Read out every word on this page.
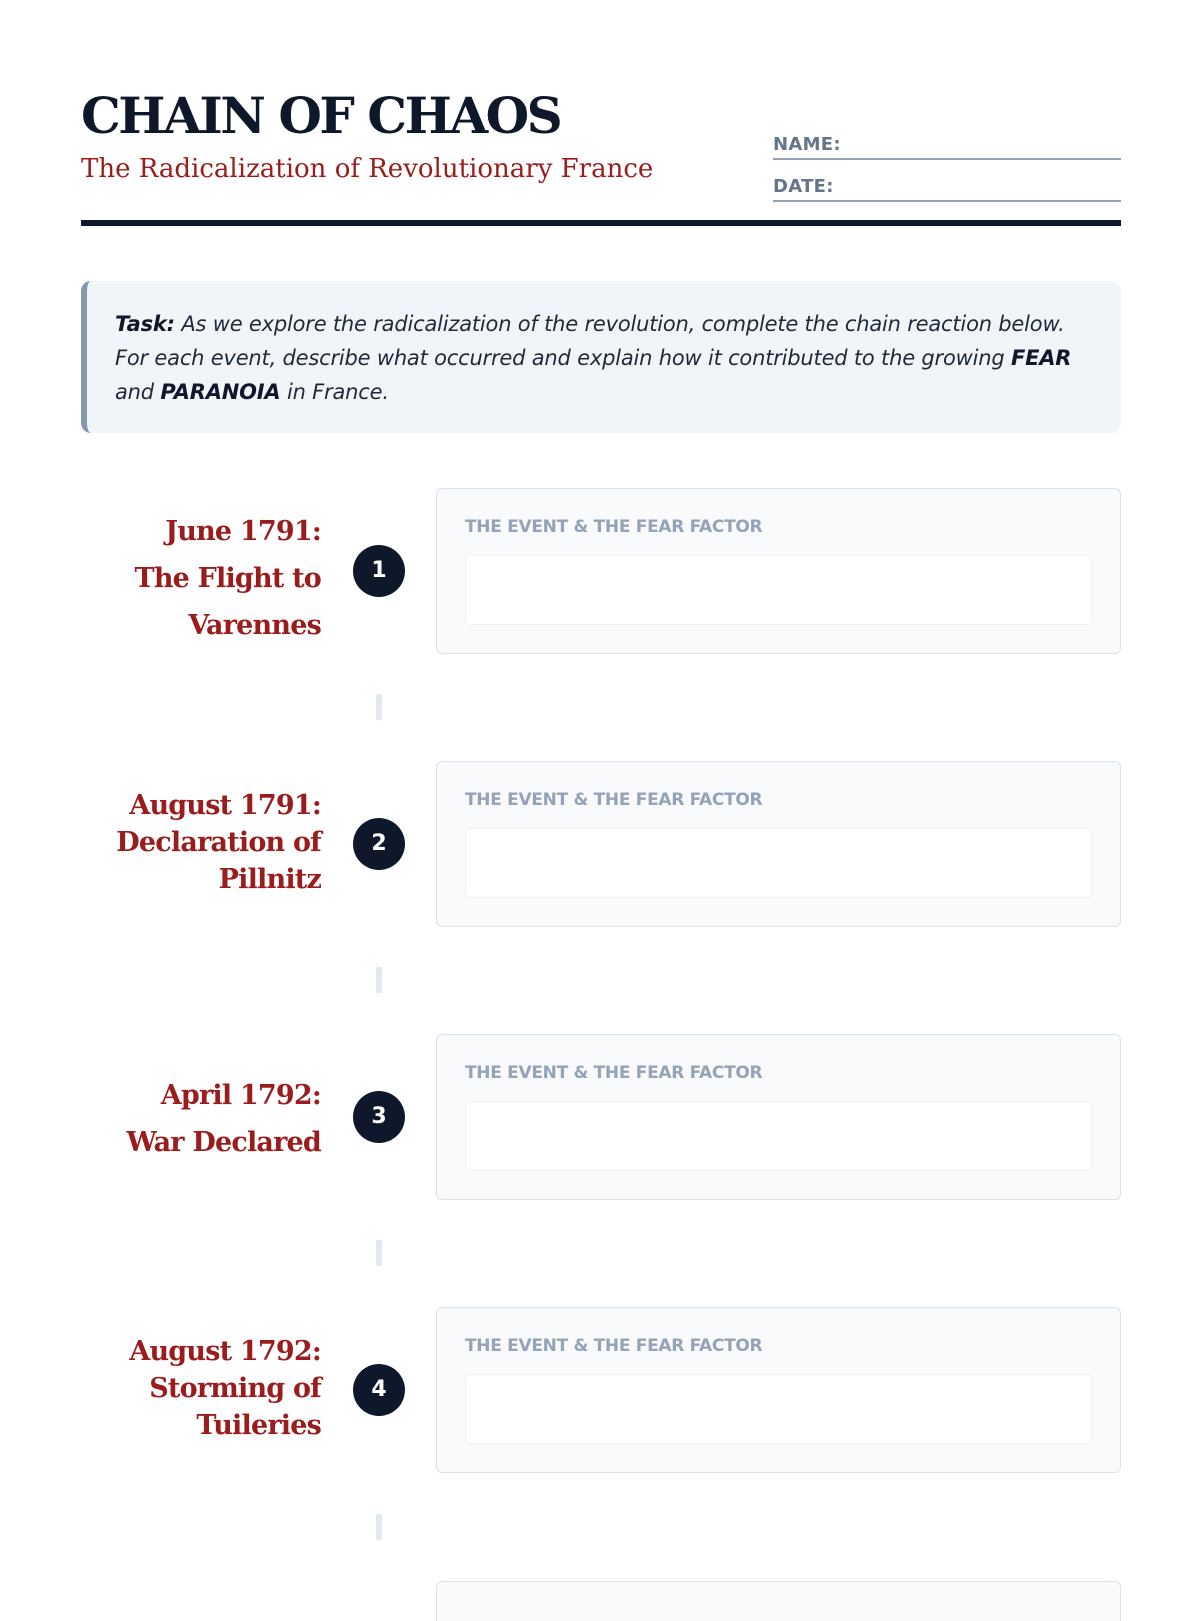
CHAIN OF CHAOS
The Radicalization of Revolutionary France
NAME:
DATE:
Task: As we explore the radicalization of the revolution, complete the chain reaction below. For each event, describe what occurred and explain how it contributed to the growing FEAR and PARANOIA in France.
June 1791:
The Flight to Varennes
1
THE EVENT & THE FEAR FACTOR
August 1791:
Declaration of Pillnitz
2
THE EVENT & THE FEAR FACTOR
April 1792:
War Declared
3
THE EVENT & THE FEAR FACTOR
August 1792:
Storming of Tuileries
4
THE EVENT & THE FEAR FACTOR
